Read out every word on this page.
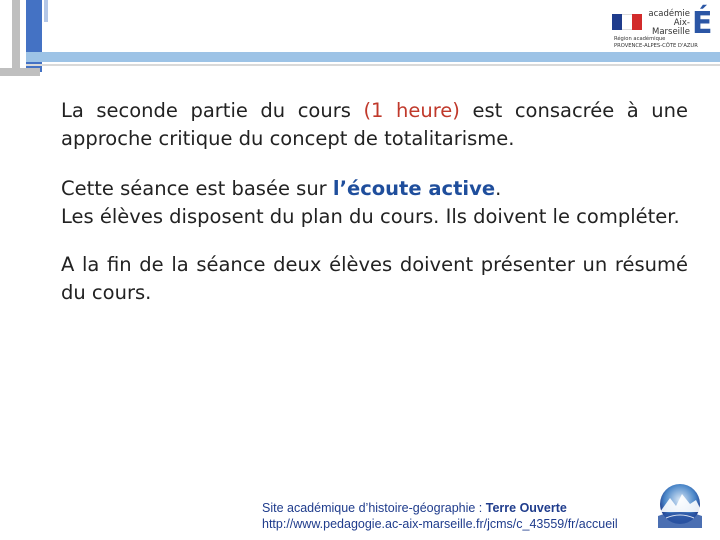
académie
Aix-Marseille É
Région académique
PROVENCE-ALPES-CÔTE D'AZUR

La seconde partie du cours (1 heure) est consacrée à une approche critique du concept de totalitarisme.

Cette séance est basée sur l’écoute active.
Les élèves disposent du plan du cours. Ils doivent le compléter.

A la fin de la séance deux élèves doivent présenter un résumé du cours.

Site académique d’histoire-géographie : Terre Ouverte
http://www.pedagogie.ac-aix-marseille.fr/jcms/c_43559/fr/accueil
